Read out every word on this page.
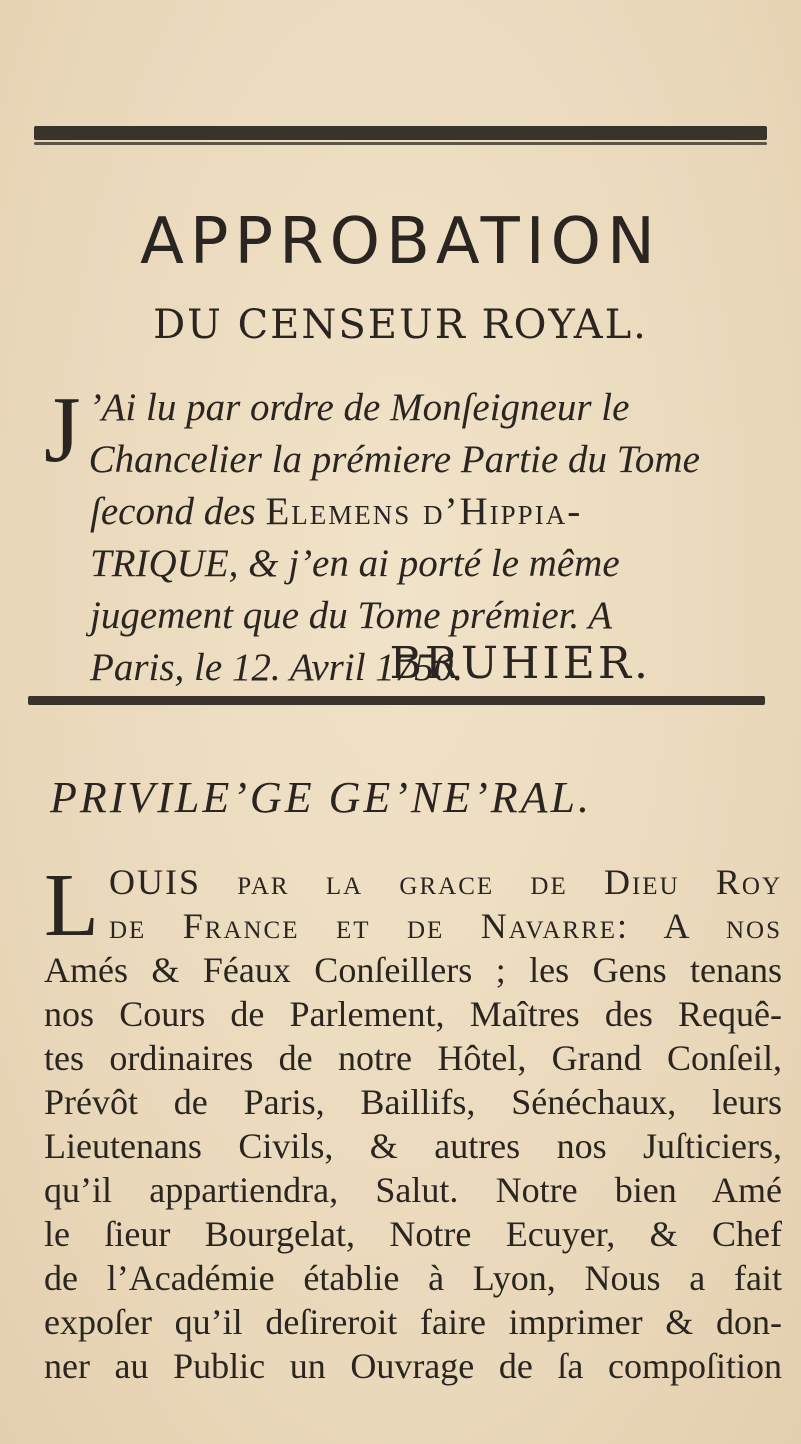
APPROBATION
DU CENSEUR ROYAL.
J ’Ai lu par ordre de Monſeigneur le
Chancelier la prémiere Partie du Tome
ſecond des Elemens d’Hippia-
TRIQUE, & j’en ai porté le même
jugement que du Tome prémier. A
Paris, le 12. Avril 1750.
BRUHIER.
PRIVILE’GE GE’NE’RAL.
L OUIS par la grace de Dieu Roy
de France et de Navarre: A nos
Amés & Féaux Conſeillers ; les Gens tenans
nos Cours de Parlement, Maîtres des Requê-
tes ordinaires de notre Hôtel, Grand Conſeil,
Prévôt de Paris, Baillifs, Sénéchaux, leurs
Lieutenans Civils, & autres nos Juſticiers,
qu’il appartiendra, Salut. Notre bien Amé
le ſieur Bourgelat, Notre Ecuyer, & Chef
de l’Académie établie à Lyon, Nous a fait
expoſer qu’il deſireroit faire imprimer & don-
ner au Public un Ouvrage de ſa compoſition
